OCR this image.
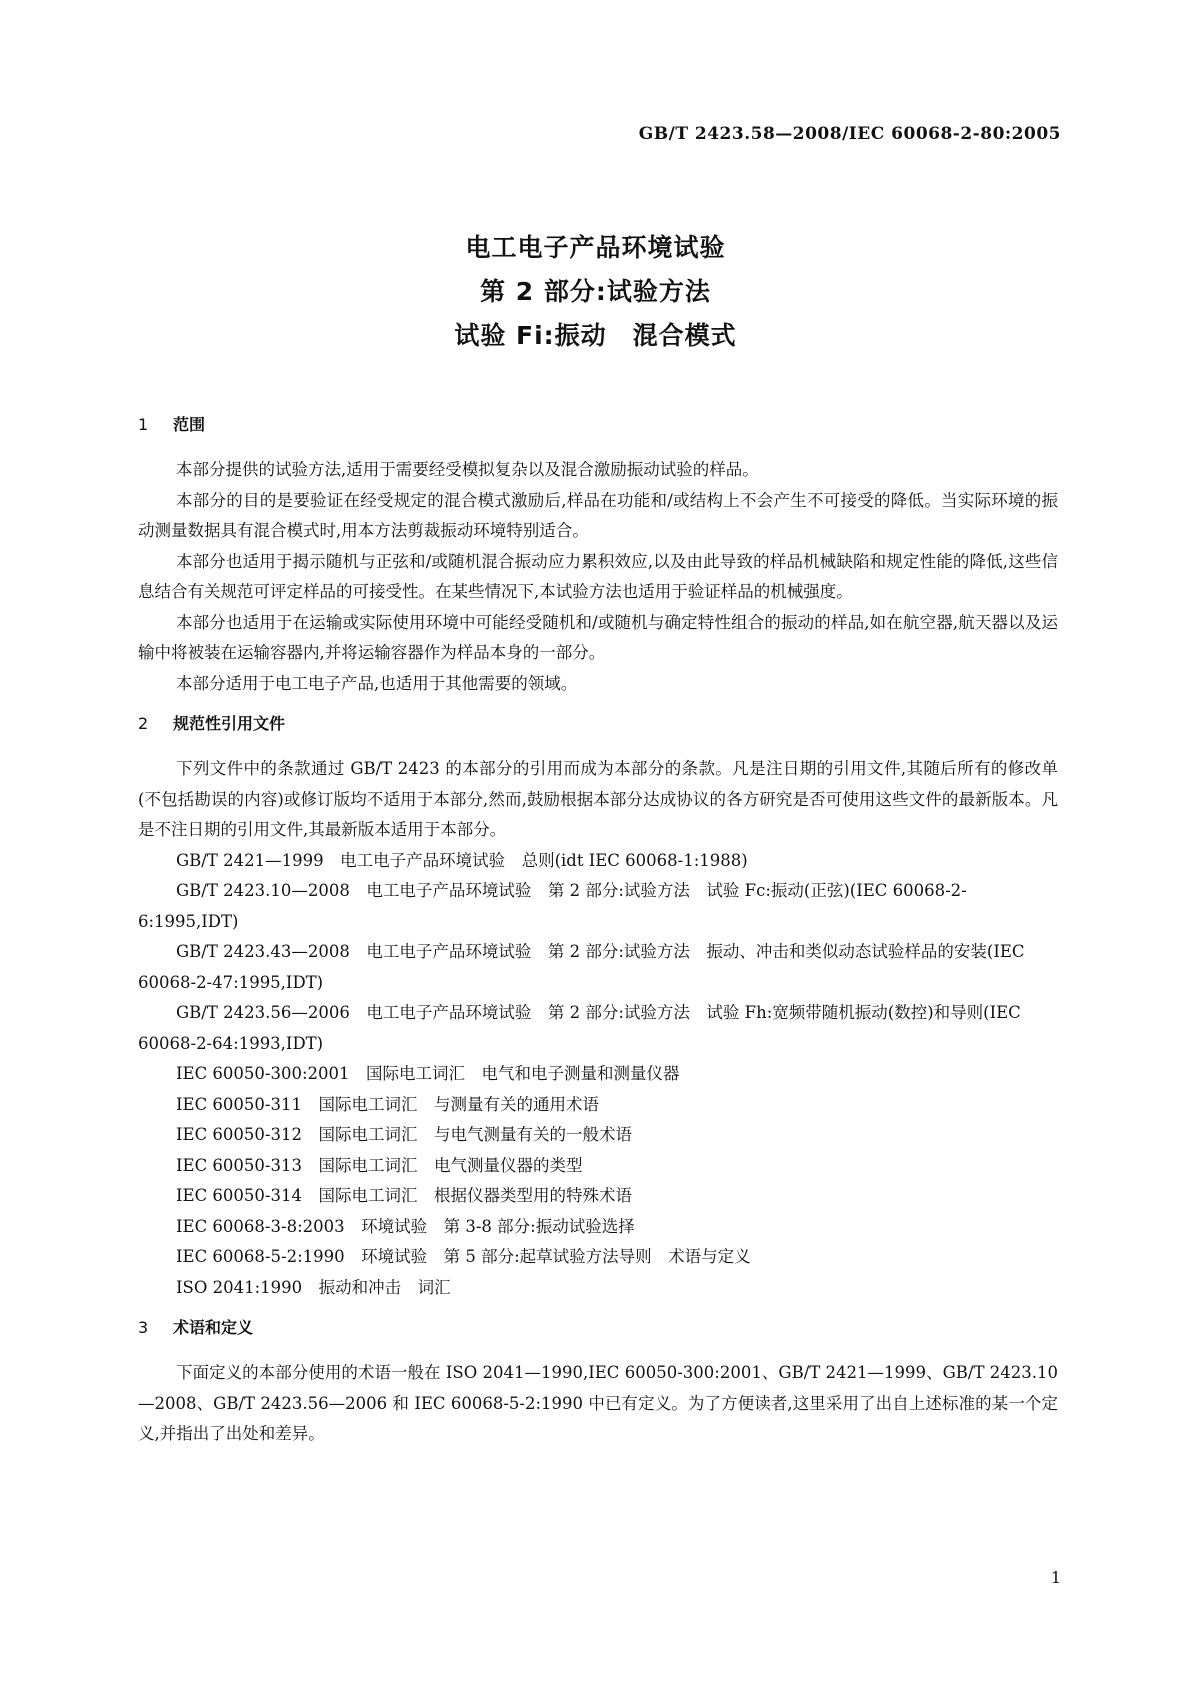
GB/T 2423.58—2008/IEC 60068-2-80:2005
电工电子产品环境试验
第 2 部分:试验方法
试验 Fi:振动　混合模式
1 范围

本部分提供的试验方法,适用于需要经受模拟复杂以及混合激励振动试验的样品。

本部分的目的是要验证在经受规定的混合模式激励后,样品在功能和/或结构上不会产生不可接受的降低。当实际环境的振动测量数据具有混合模式时,用本方法剪裁振动环境特别适合。

本部分也适用于揭示随机与正弦和/或随机混合振动应力累积效应,以及由此导致的样品机械缺陷和规定性能的降低,这些信息结合有关规范可评定样品的可接受性。在某些情况下,本试验方法也适用于验证样品的机械强度。

本部分也适用于在运输或实际使用环境中可能经受随机和/或随机与确定特性组合的振动的样品,如在航空器,航天器以及运输中将被装在运输容器内,并将运输容器作为样品本身的一部分。

本部分适用于电工电子产品,也适用于其他需要的领域。

2 规范性引用文件

下列文件中的条款通过 GB/T 2423 的本部分的引用而成为本部分的条款。凡是注日期的引用文件,其随后所有的修改单(不包括勘误的内容)或修订版均不适用于本部分,然而,鼓励根据本部分达成协议的各方研究是否可使用这些文件的最新版本。凡是不注日期的引用文件,其最新版本适用于本部分。

GB/T 2421—1999　电工电子产品环境试验　总则(idt IEC 60068-1:1988)

GB/T 2423.10—2008　电工电子产品环境试验　第 2 部分:试验方法　试验 Fc:振动(正弦)(IEC 60068-2-6:1995,IDT)

GB/T 2423.43—2008　电工电子产品环境试验　第 2 部分:试验方法　振动、冲击和类似动态试验样品的安装(IEC 60068-2-47:1995,IDT)

GB/T 2423.56—2006　电工电子产品环境试验　第 2 部分:试验方法　试验 Fh:宽频带随机振动(数控)和导则(IEC 60068-2-64:1993,IDT)

IEC 60050-300:2001　国际电工词汇　电气和电子测量和测量仪器

IEC 60050-311　国际电工词汇　与测量有关的通用术语

IEC 60050-312　国际电工词汇　与电气测量有关的一般术语

IEC 60050-313　国际电工词汇　电气测量仪器的类型

IEC 60050-314　国际电工词汇　根据仪器类型用的特殊术语

IEC 60068-3-8:2003　环境试验　第 3-8 部分:振动试验选择

IEC 60068-5-2:1990　环境试验　第 5 部分:起草试验方法导则　术语与定义

ISO 2041:1990　振动和冲击　词汇

3 术语和定义

下面定义的本部分使用的术语一般在 ISO 2041—1990,IEC 60050-300:2001、GB/T 2421—1999、GB/T 2423.10—2008、GB/T 2423.56—2006 和 IEC 60068-5-2:1990 中已有定义。为了方便读者,这里采用了出自上述标准的某一个定义,并指出了出处和差异。

1
